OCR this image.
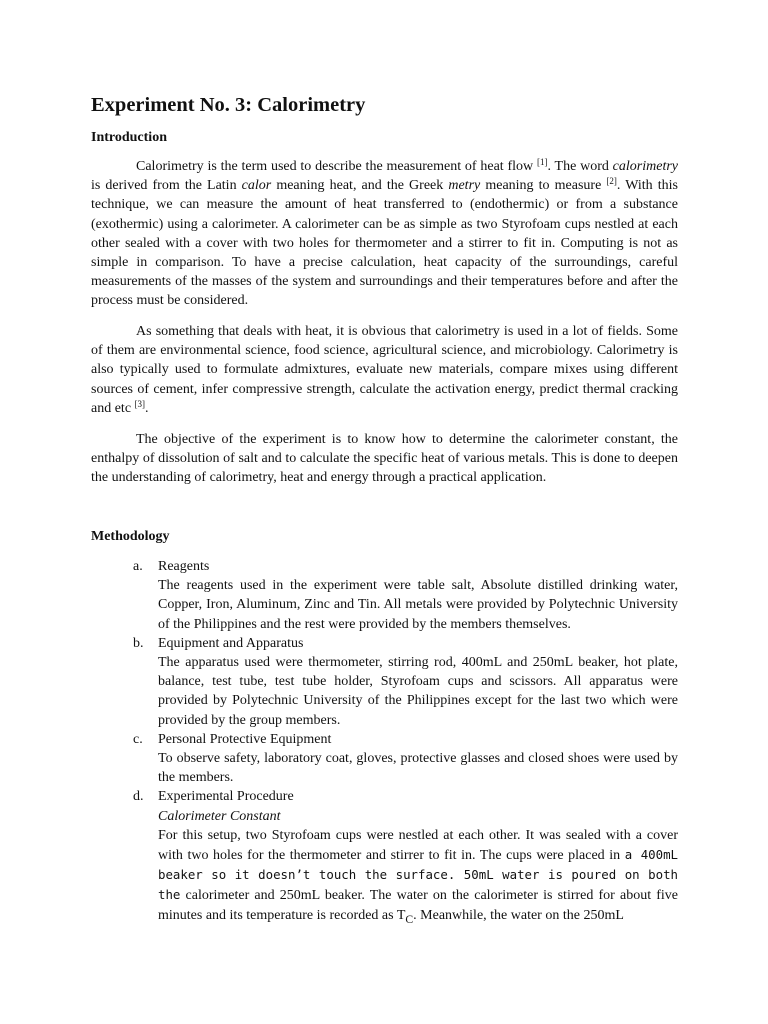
Experiment No. 3: Calorimetry
Introduction

Calorimetry is the term used to describe the measurement of heat flow [1]. The word calorimetry is derived from the Latin calor meaning heat, and the Greek metry meaning to measure [2]. With this technique, we can measure the amount of heat transferred to (endothermic) or from a substance (exothermic) using a calorimeter. A calorimeter can be as simple as two Styrofoam cups nestled at each other sealed with a cover with two holes for thermometer and a stirrer to fit in. Computing is not as simple in comparison. To have a precise calculation, heat capacity of the surroundings, careful measurements of the masses of the system and surroundings and their temperatures before and after the process must be considered.

As something that deals with heat, it is obvious that calorimetry is used in a lot of fields. Some of them are environmental science, food science, agricultural science, and microbiology. Calorimetry is also typically used to formulate admixtures, evaluate new materials, compare mixes using different sources of cement, infer compressive strength, calculate the activation energy, predict thermal cracking and etc [3].

The objective of the experiment is to know how to determine the calorimeter constant, the enthalpy of dissolution of salt and to calculate the specific heat of various metals. This is done to deepen the understanding of calorimetry, heat and energy through a practical application.

Methodology
a. Reagents
The reagents used in the experiment were table salt, Absolute distilled drinking water, Copper, Iron, Aluminum, Zinc and Tin. All metals were provided by Polytechnic University of the Philippines and the rest were provided by the members themselves.
b. Equipment and Apparatus
The apparatus used were thermometer, stirring rod, 400mL and 250mL beaker, hot plate, balance, test tube, test tube holder, Styrofoam cups and scissors. All apparatus were provided by Polytechnic University of the Philippines except for the last two which were provided by the group members.
c. Personal Protective Equipment
To observe safety, laboratory coat, gloves, protective glasses and closed shoes were used by the members.
d. Experimental Procedure
Calorimeter Constant
For this setup, two Styrofoam cups were nestled at each other. It was sealed with a cover with two holes for the thermometer and stirrer to fit in. The cups were placed in a 400mL beaker so it doesn’t touch the surface. 50mL water is poured on both the calorimeter and 250mL beaker. The water on the calorimeter is stirred for about five minutes and its temperature is recorded as $T_C$. Meanwhile, the water on the 250mL
